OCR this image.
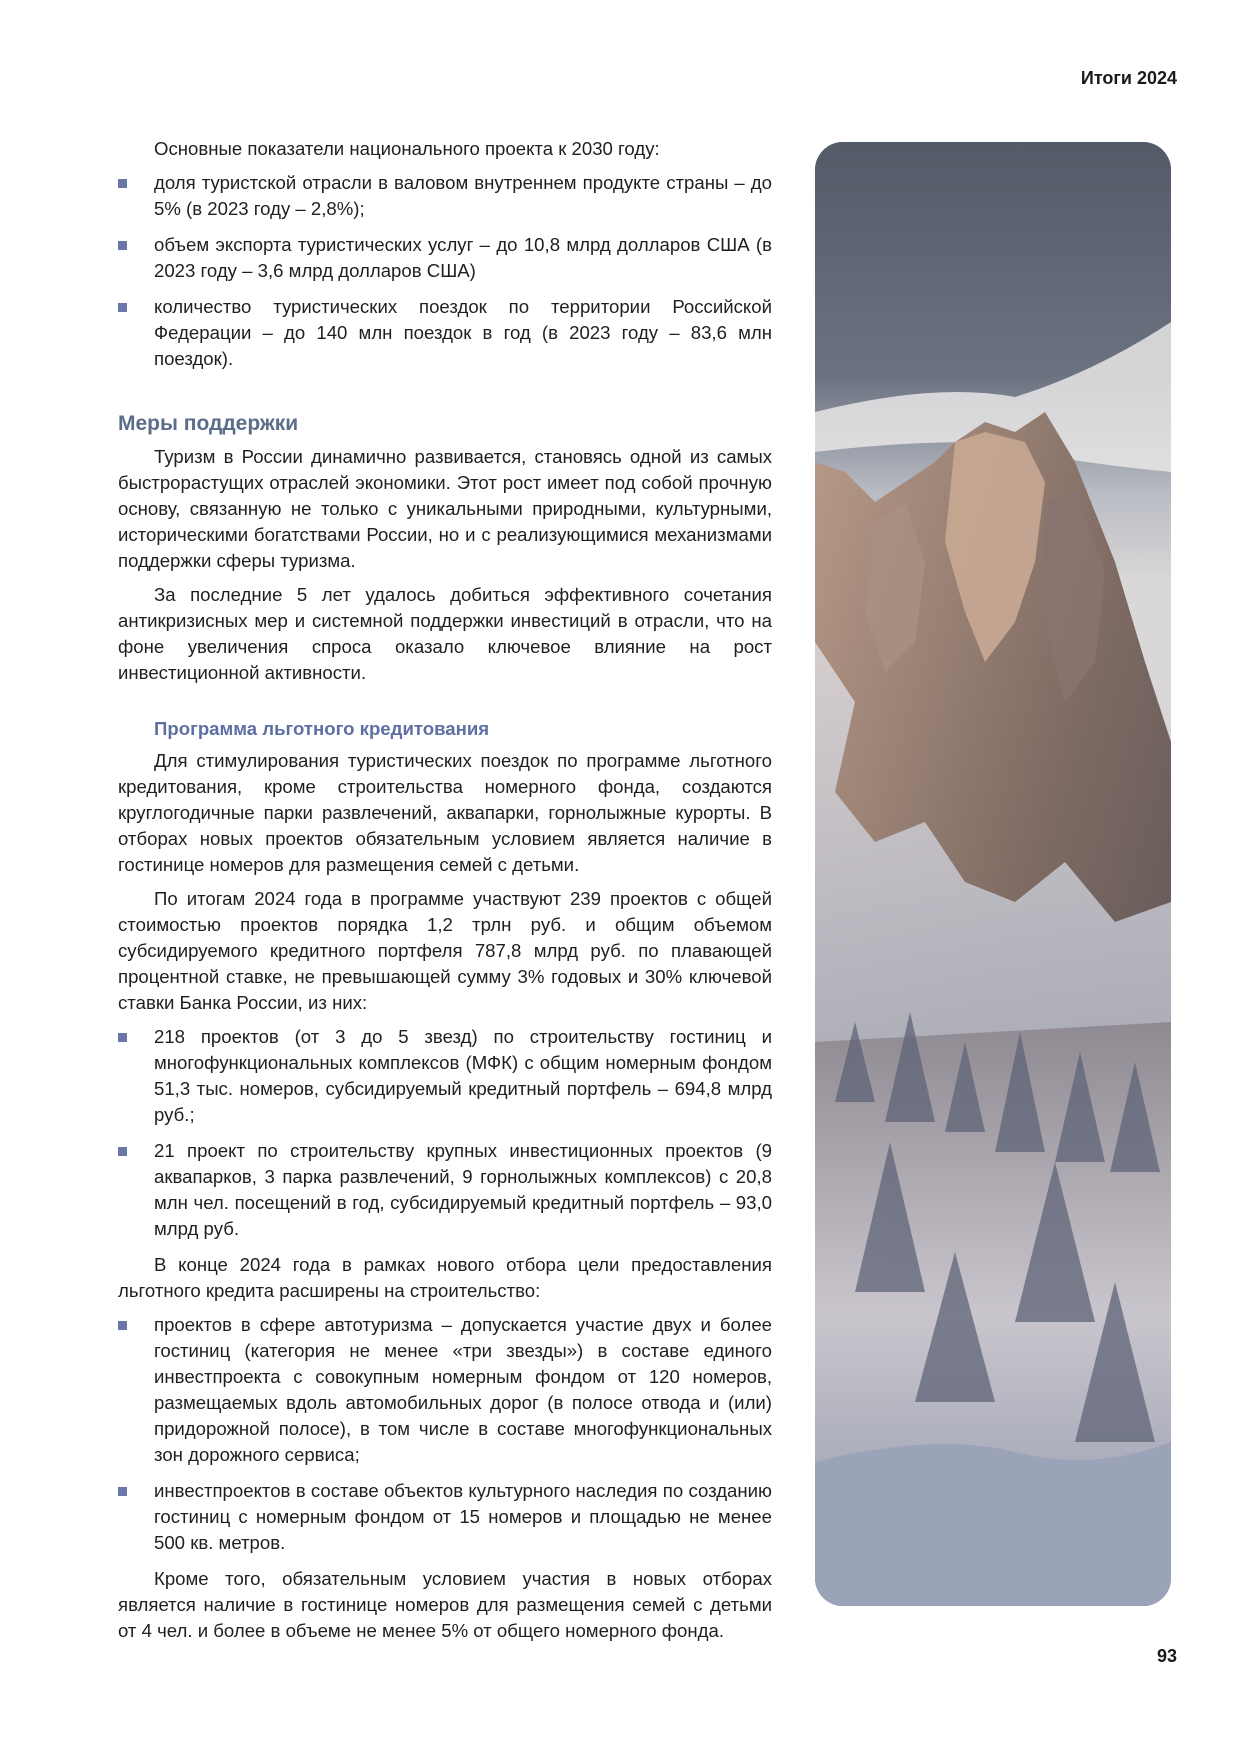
Итоги 2024

Основные показатели национального проекта к 2030 году:

доля туристской отрасли в валовом внутреннем продукте страны – до 5% (в 2023 году – 2,8%);
объем экспорта туристических услуг – до 10,8 млрд долларов США (в 2023 году – 3,6 млрд долларов США)
количество туристических поездок по территории Российской Федерации – до 140 млн поездок в год (в 2023 году – 83,6 млн поездок).
Меры поддержки

Туризм в России динамично развивается, становясь одной из самых быстрорастущих отраслей экономики. Этот рост имеет под собой прочную основу, связанную не только с уникальными природными, культурными, историческими богатствами России, но и с реализующимися механизмами поддержки сферы туризма.

За последние 5 лет удалось добиться эффективного сочетания антикризисных мер и системной поддержки инвестиций в отрасли, что на фоне увеличения спроса оказало ключевое влияние на рост инвестиционной активности.

Программа льготного кредитования

Для стимулирования туристических поездок по программе льготного кредитования, кроме строительства номерного фонда, создаются круглогодичные парки развлечений, аквапарки, горнолыжные курорты. В отборах новых проектов обязательным условием является наличие в гостинице номеров для размещения семей с детьми.

По итогам 2024 года в программе участвуют 239 проектов с общей стоимостью проектов порядка 1,2 трлн руб. и общим объемом субсидируемого кредитного портфеля 787,8 млрд руб. по плавающей процентной ставке, не превышающей сумму 3% годовых и 30% ключевой ставки Банка России, из них:

218 проектов (от 3 до 5 звезд) по строительству гостиниц и многофункциональных комплексов (МФК) с общим номерным фондом 51,3 тыс. номеров, субсидируемый кредитный портфель – 694,8 млрд руб.;
21 проект по строительству крупных инвестиционных проектов (9 аквапарков, 3 парка развлечений, 9 горнолыжных комплексов) с 20,8 млн чел. посещений в год, субсидируемый кредитный портфель – 93,0 млрд руб.

В конце 2024 года в рамках нового отбора цели предоставления льготного кредита расширены на строительство:

проектов в сфере автотуризма – допускается участие двух и более гостиниц (категория не менее «три звезды») в составе единого инвестпроекта с совокупным номерным фондом от 120 номеров, размещаемых вдоль автомобильных дорог (в полосе отвода и (или) придорожной полосе), в том числе в составе многофункциональных зон дорожного сервиса;
инвестпроектов в составе объектов культурного наследия по созданию гостиниц с номерным фондом от 15 номеров и площадью не менее 500 кв. метров.

Кроме того, обязательным условием участия в новых отборах является наличие в гостинице номеров для размещения семей с детьми от 4 чел. и более в объеме не менее 5% от общего номерного фонда.

93
